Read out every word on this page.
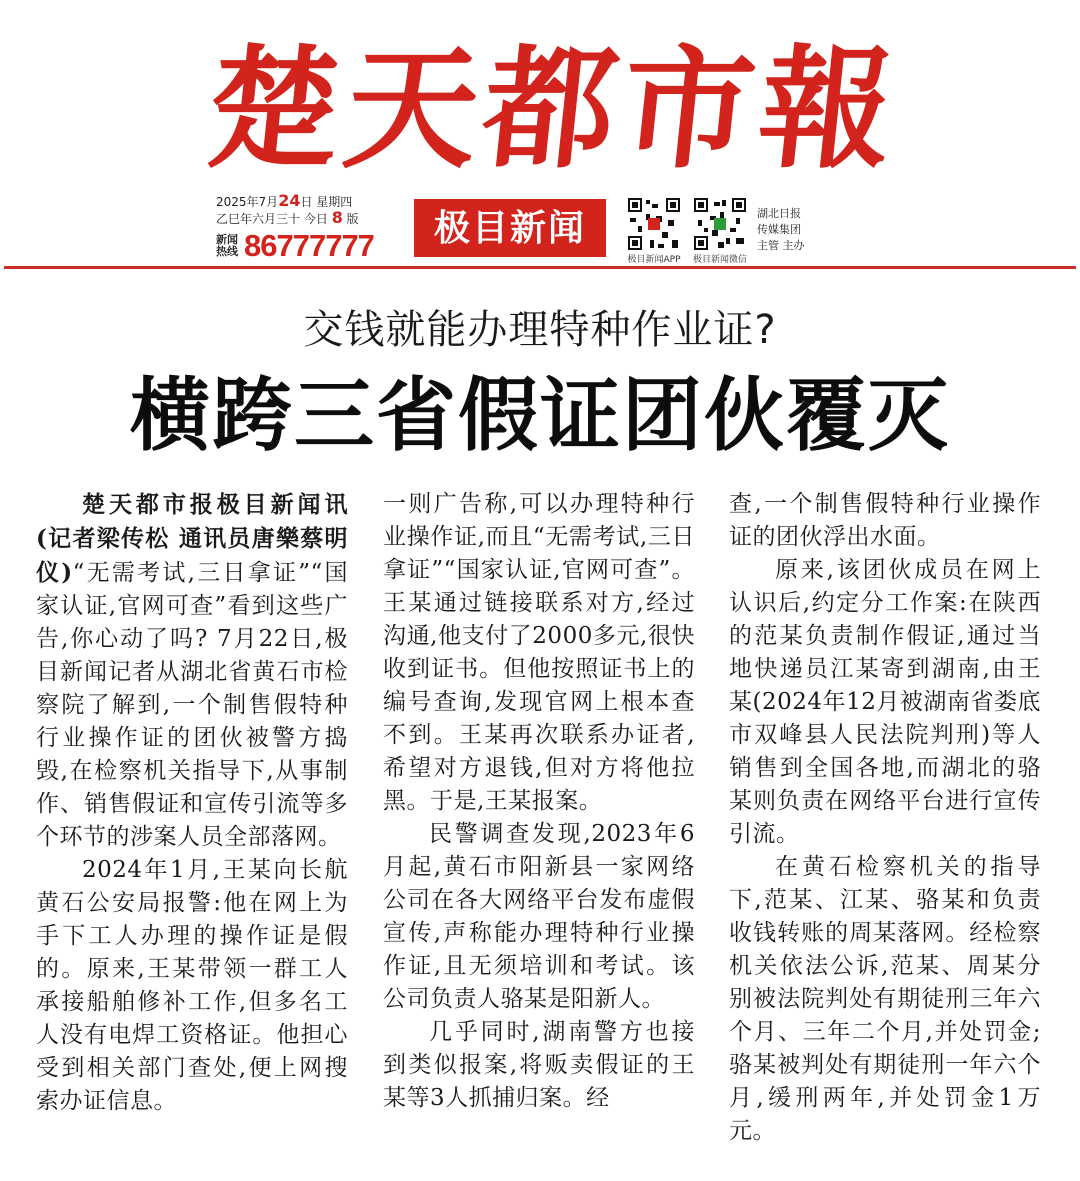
楚天都市報
2025年7月24日 星期四
乙巳年六月三十 今日 8 版
新闻热线 86777777	极目新闻
极目新闻APP	极目新闻微信
湖北日报
传媒集团
主管 主办
交钱就能办理特种作业证?
横跨三省假证团伙覆灭

楚天都市报极目新闻讯(记者梁传松 通讯员唐樂蔡明仪)“无需考试,三日拿证”“国家认证,官网可查”看到这些广告,你心动了吗? 7月22日,极目新闻记者从湖北省黄石市检察院了解到,一个制售假特种行业操作证的团伙被警方捣毁,在检察机关指导下,从事制作、销售假证和宣传引流等多个环节的涉案人员全部落网。

2024年1月,王某向长航黄石公安局报警:他在网上为手下工人办理的操作证是假的。原来,王某带领一群工人承接船舶修补工作,但多名工人没有电焊工资格证。他担心受到相关部门查处,便上网搜索办证信息。

一则广告称,可以办理特种行业操作证,而且“无需考试,三日拿证”“国家认证,官网可查”。王某通过链接联系对方,经过沟通,他支付了2000多元,很快收到证书。但他按照证书上的编号查询,发现官网上根本查不到。王某再次联系办证者,希望对方退钱,但对方将他拉黑。于是,王某报案。

民警调查发现,2023年6月起,黄石市阳新县一家网络公司在各大网络平台发布虚假宣传,声称能办理特种行业操作证,且无须培训和考试。该公司负责人骆某是阳新人。

几乎同时,湖南警方也接到类似报案,将贩卖假证的王某等3人抓捕归案。经

查,一个制售假特种行业操作证的团伙浮出水面。

原来,该团伙成员在网上认识后,约定分工作案:在陕西的范某负责制作假证,通过当地快递员江某寄到湖南,由王某(2024年12月被湖南省娄底市双峰县人民法院判刑)等人销售到全国各地,而湖北的骆某则负责在网络平台进行宣传引流。

在黄石检察机关的指导下,范某、江某、骆某和负责收钱转账的周某落网。经检察机关依法公诉,范某、周某分别被法院判处有期徒刑三年六个月、三年二个月,并处罚金;骆某被判处有期徒刑一年六个月,缓刑两年,并处罚金1万元。
